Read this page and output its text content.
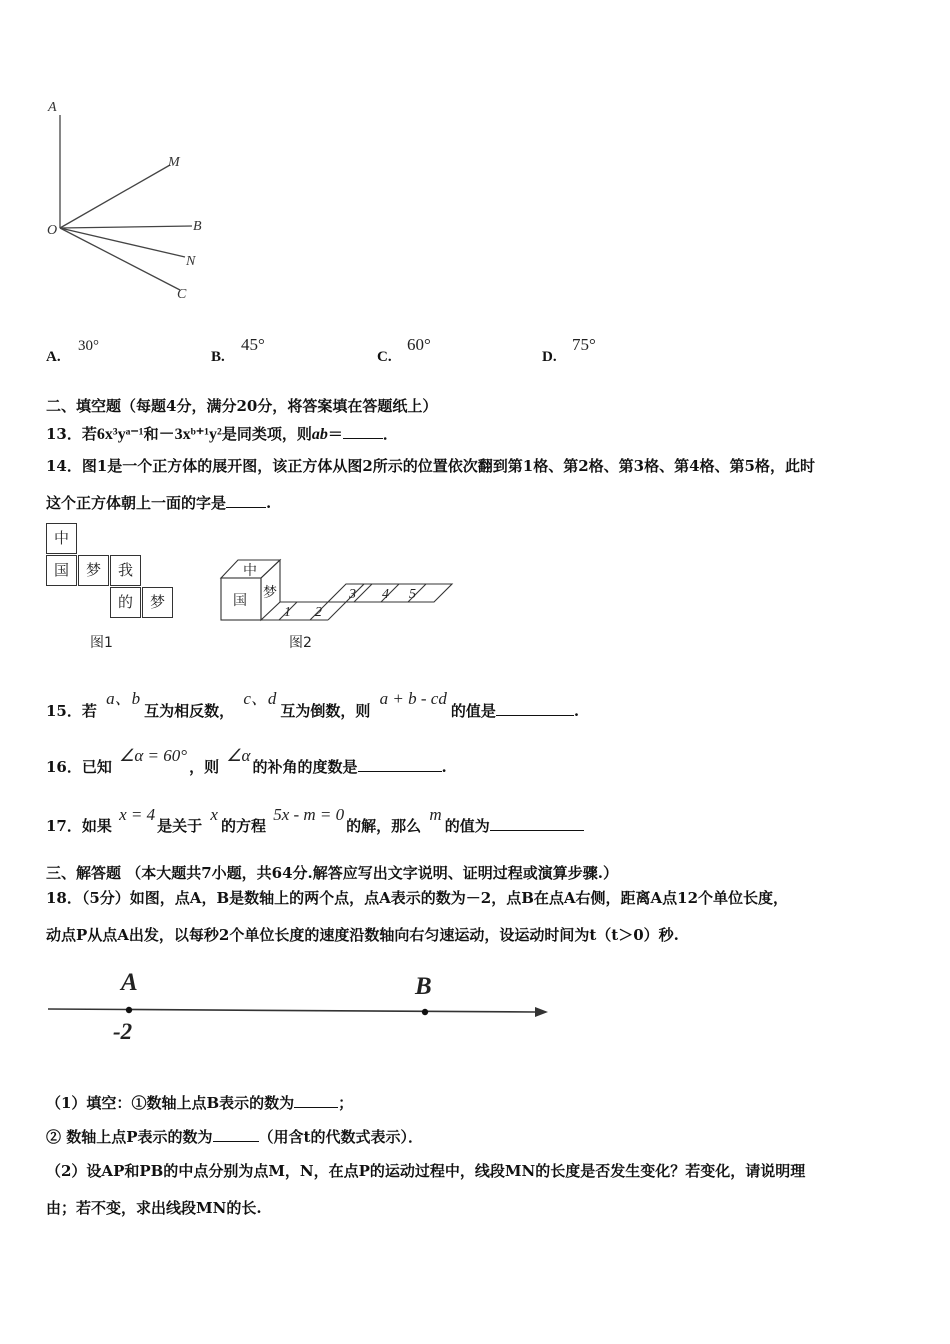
A
M
B
O
N
C
A.
30°
B.
45°
C.
60°
D.
75°
二、填空题（每题4分，满分20分，将答案填在答题纸上）
13．若6x³yᵃ⁻¹和－3xᵇ⁺¹y²是同类项，则ab＝	．
14．图1是一个正方体的展开图，该正方体从图2所示的位置依次翻到第1格、第2格、第3格、第4格、第5格，此时
这个正方体朝上一面的字是	.
中
国	梦	我
的	梦
图1
中
国
梦
1 2
3 4 5
图2
15．若 a、b互为相反数， c、d互为倒数，则 a + b - cd的值是	.
16．已知 ∠α = 60°，则 ∠α的补角的度数是	.
17．如果 x = 4是关于 x的方程 5x - m = 0的解，那么 m的值为
三、解答题 （本大题共7小题，共64分.解答应写出文字说明、证明过程或演算步骤.）
18．（5分）如图，点A，B是数轴上的两个点，点A表示的数为－2，点B在点A右侧，距离A点12个单位长度，
动点P从点A出发，以每秒2个单位长度的速度沿数轴向右匀速运动，设运动时间为t（t＞0）秒.
A
-2
B
（1）填空：①数轴上点B表示的数为	；
② 数轴上点P表示的数为	（用含t的代数式表示）．
（2）设AP和PB的中点分别为点M，N，在点P的运动过程中，线段MN的长度是否发生变化？若变化，请说明理
由；若不变，求出线段MN的长.
